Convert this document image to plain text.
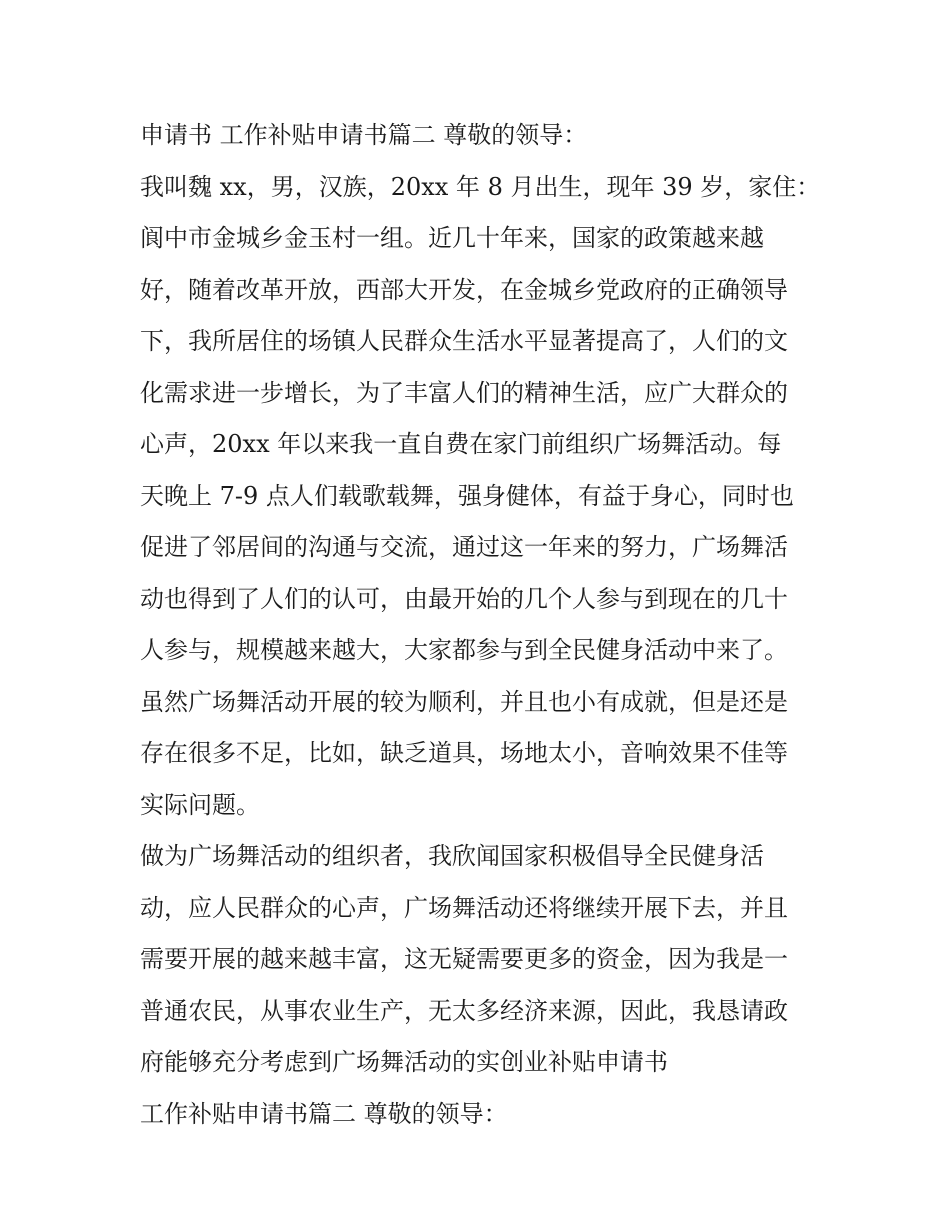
申请书 工作补贴申请书篇二 尊敬的领导：
我叫魏 xx，男，汉族，20xx 年 8 月出生，现年 39 岁，家住：
阆中市金城乡金玉村一组。近几十年来，国家的政策越来越
好，随着改革开放，西部大开发，在金城乡党政府的正确领导
下，我所居住的场镇人民群众生活水平显著提高了，人们的文
化需求进一步增长，为了丰富人们的精神生活，应广大群众的
心声，20xx 年以来我一直自费在家门前组织广场舞活动。每
天晚上 7-9 点人们载歌载舞，强身健体，有益于身心，同时也
促进了邻居间的沟通与交流，通过这一年来的努力，广场舞活
动也得到了人们的认可，由最开始的几个人参与到现在的几十
人参与，规模越来越大，大家都参与到全民健身活动中来了。
虽然广场舞活动开展的较为顺利，并且也小有成就，但是还是
存在很多不足，比如，缺乏道具，场地太小，音响效果不佳等
实际问题。
做为广场舞活动的组织者，我欣闻国家积极倡导全民健身活
动，应人民群众的心声，广场舞活动还将继续开展下去，并且
需要开展的越来越丰富，这无疑需要更多的资金，因为我是一
普通农民，从事农业生产，无太多经济来源，因此，我恳请政
府能够充分考虑到广场舞活动的实创业补贴申请书
工作补贴申请书篇二 尊敬的领导：
